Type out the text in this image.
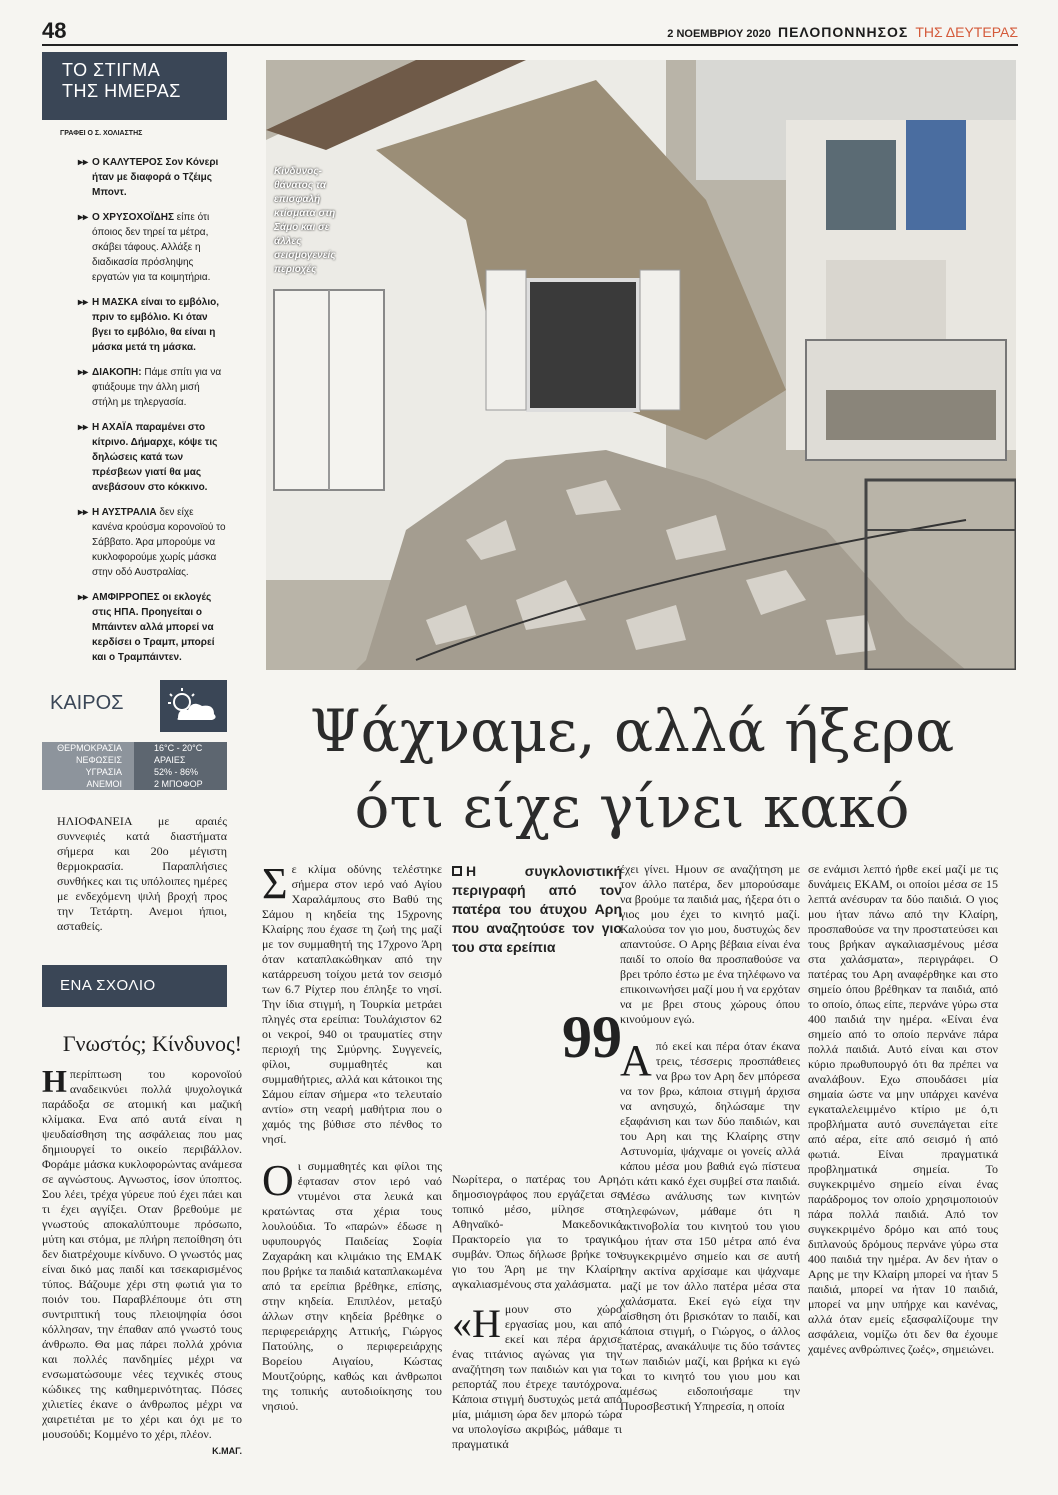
48	2 ΝΟΕΜΒΡΙΟΥ 2020 ΠΕΛΟΠΟΝΝΗΣΟΣ ΤΗΣ ΔΕΥΤΕΡΑΣ
ΤΟ ΣΤΙΓΜΑ
ΤΗΣ ΗΜΕΡΑΣ
ΓΡΑΦΕΙ Ο Σ. ΧΟΛΙΑΣΤΗΣ
▸▸ Ο ΚΑΛΥΤΕΡΟΣ Σον Κόνερι ήταν με διαφορά ο Τζέιμς Μποντ.
▸▸ Ο ΧΡΥΣΟΧΟΪΔΗΣ είπε ότι όποιος δεν τηρεί τα μέτρα, σκάβει τάφους. Αλλάξε η διαδικασία πρόσληψης εργατών για τα κοιμητήρια.
▸▸ Η ΜΑΣΚΑ είναι το εμβόλιο, πριν το εμβόλιο. Κι όταν βγει το εμβόλιο, θα είναι η μάσκα μετά τη μάσκα.
▸▸ ΔΙΑΚΟΠΗ: Πάμε σπίτι για να φτιάξουμε την άλλη μισή στήλη με τηλεργασία.
▸▸ Η ΑΧΑΪΑ παραμένει στο κίτρινο. Δήμαρχε, κόψε τις δηλώσεις κατά των πρέσβεων γιατί θα μας ανεβάσουν στο κόκκινο.
▸▸ Η ΑΥΣΤΡΑΛΙΑ δεν είχε κανένα κρούσμα κορονοϊού το Σάββατο. Άρα μπορούμε να κυκλοφορούμε χωρίς μάσκα στην οδό Αυστραλίας.
▸▸ ΑΜΦΙΡΡΟΠΕΣ οι εκλογές στις ΗΠΑ. Προηγείται ο Μπάιντεν αλλά μπορεί να κερδίσει ο Τραμπ, μπορεί και ο Τραμπάιντεν.
ΚΑΙΡΟΣ
ΘΕΡΜΟΚΡΑΣΙΑ	16°C - 20°C
ΝΕΦΩΣΕΙΣ	ΑΡΑΙΕΣ
ΥΓΡΑΣΙΑ	52% - 86%
ΑΝΕΜΟΙ	2 ΜΠΟΦΟΡ
ΗΛΙΟΦΑΝΕΙΑ με αραιές συννεφιές κατά διαστήματα σήμερα και 20ο μέγιστη θερμοκρασία. Παραπλήσιες συνθήκες και τις υπόλοιπες ημέρες με ενδεχόμενη ψιλή βροχή προς την Τετάρτη. Ανεμοι ήπιοι, ασταθείς.
ΕΝΑ ΣΧΟΛΙΟ
Γνωστός; Κίνδυνος!
Ηπερίπτωση του κορονοϊού αναδεικνύει πολλά ψυχολογικά παράδοξα σε ατομική και μαζική κλίμακα. Ενα από αυτά είναι η ψευδαίσθηση της ασφάλειας που μας δημιουργεί το οικείο περιβάλλον. Φοράμε μάσκα κυκλοφορώντας ανάμεσα σε αγνώστους. Αγνωστος, ίσον ύποπτος. Σου λέει, τρέχα γύρευε πού έχει πάει και τι έχει αγγίξει. Οταν βρεθούμε με γνωστούς αποκαλύπτουμε πρόσωπο, μύτη και στόμα, με πλήρη πεποίθηση ότι δεν διατρέχουμε κίνδυνο. Ο γνωστός μας είναι δικό μας παιδί και τσεκαρισμένος τύπος. Βάζουμε χέρι στη φωτιά για το ποιόν του. Παραβλέπουμε ότι στη συντριπτική τους πλειοψηφία όσοι κόλλησαν, την έπαθαν από γνωστό τους άνθρωπο. Θα μας πάρει πολλά χρόνια και πολλές πανδημίες μέχρι να ενσωματώσουμε νέες τεχνικές στους κώδικες της καθημερινότητας. Πόσες χιλιετίες έκανε ο άνθρωπος μέχρι να χαιρετιέται με το χέρι και όχι με το μουσούδι; Κομμένο το χέρι, πλέον.
Κ.ΜΑΓ.
Κίνδυνος-θάνατος τα επισφαλή κτίσματα στη Σάμο και σε άλλες σεισμογενείς περιοχές
Ψάχναμε, αλλά ήξερα
ότι είχε γίνει κακό
Σ ε κλίμα οδύνης τελέστηκε σήμερα στον ιερό ναό Αγίου Χαραλάμπους στο Βαθύ της Σάμου η κηδεία της 15χρονης Κλαίρης που έχασε τη ζωή της μαζί με τον συμμαθητή της 17χρονο Άρη όταν καταπλακώθηκαν από την κατάρρευση τοίχου μετά τον σεισμό των 6.7 Ρίχτερ που έπληξε το νησί. Την ίδια στιγμή, η Τουρκία μετράει πληγές στα ερείπια: Τουλάχιστον 62 οι νεκροί, 940 οι τραυματίες στην περιοχή της Σμύρνης. Συγγενείς, φίλοι, συμμαθητές και συμμαθήτριες, αλλά και κάτοικοι της Σάμου είπαν σήμερα «το τελευταίο αντίο» στη νεαρή μαθήτρια που ο χαμός της βύθισε στο πένθος το νησί.
Ο ι συμμαθητές και φίλοι της έφτασαν στον ιερό ναό ντυμένοι στα λευκά και κρατώντας στα χέρια τους λουλούδια. Το «παρών» έδωσε η υφυπουργός Παιδείας Σοφία Ζαχαράκη και κλιμάκιο της ΕΜΑΚ που βρήκε τα παιδιά καταπλακωμένα από τα ερείπια βρέθηκε, επίσης, στην κηδεία. Επιπλέον, μεταξύ άλλων στην κηδεία βρέθηκε ο περιφερειάρχης Αττικής, Γιώργος Πατούλης, ο περιφερειάρχης Βορείου Αιγαίου, Κώστας Μουτζούρης, καθώς και άνθρωποι της τοπικής αυτοδιοίκησης του νησιού.
Η συγκλονιστική περιγραφή από τον πατέρα του άτυχου Αρη που αναζητούσε τον γιο του στα ερείπια
99
Νωρίτερα, ο πατέρας του Αρη, δημοσιογράφος που εργάζεται σε τοπικό μέσο, μίλησε στο Αθηναϊκό- Μακεδονικό Πρακτορείο για το τραγικό συμβάν. Όπως δήλωσε βρήκε τον γιο του Άρη με την Κλαίρη αγκαλιασμένους στα χαλάσματα.
«Η μουν στο χώρο εργασίας μου, και από εκεί και πέρα άρχισε ένας τιτάνιος αγώνας για την αναζήτηση των παιδιών και για το ρεπορτάζ που έτρεχε ταυτόχρονα. Κάποια στιγμή δυστυχώς μετά από μία, μιάμιση ώρα δεν μπορώ τώρα να υπολογίσω ακριβώς, μάθαμε τι πραγματικά
έχει γίνει. Ημουν σε αναζήτηση με τον άλλο πατέρα, δεν μπορούσαμε να βρούμε τα παιδιά μας, ήξερα ότι ο γιος μου έχει το κινητό μαζί. Καλούσα τον γιο μου, δυστυχώς δεν απαντούσε. Ο Αρης βέβαια είναι ένα παιδί το οποίο θα προσπαθούσε να βρει τρόπο έστω με ένα τηλέφωνο να επικοινωνήσει μαζί μου ή να ερχόταν να με βρει στους χώρους όπου κινούμουν εγώ.
Α πό εκεί και πέρα όταν έκανα τρεις, τέσσερις προσπάθειες να βρω τον Αρη δεν μπόρεσα να τον βρω, κάποια στιγμή άρχισα να ανησυχώ, δηλώσαμε την εξαφάνιση και των δύο παιδιών, και του Αρη και της Κλαίρης στην Αστυνομία, ψάχναμε οι γονείς αλλά κάπου μέσα μου βαθιά εγώ πίστευα ότι κάτι κακό έχει συμβεί στα παιδιά. Μέσω ανάλυσης των κινητών τηλεφώνων, μάθαμε ότι η ακτινοβολία του κινητού του γιου μου ήταν στα 150 μέτρα από ένα συγκεκριμένο σημείο και σε αυτή την ακτίνα αρχίσαμε και ψάχναμε μαζί με τον άλλο πατέρα μέσα στα χαλάσματα. Εκεί εγώ είχα την αίσθηση ότι βρισκόταν το παιδί, και κάποια στιγμή, ο Γιώργος, ο άλλος πατέρας, ανακάλυψε τις δύο τσάντες των παιδιών μαζί, και βρήκα κι εγώ και το κινητό του γιου μου και αμέσως ειδοποιήσαμε την Πυροσβεστική Υπηρεσία, η οποία
σε ενάμισι λεπτό ήρθε εκεί μαζί με τις δυνάμεις ΕΚΑΜ, οι οποίοι μέσα σε 15 λεπτά ανέσυραν τα δύο παιδιά. Ο γιος μου ήταν πάνω από την Κλαίρη, προσπαθούσε να την προστατεύσει και τους βρήκαν αγκαλιασμένους μέσα στα χαλάσματα», περιγράφει. Ο πατέρας του Αρη αναφέρθηκε και στο σημείο όπου βρέθηκαν τα παιδιά, από το οποίο, όπως είπε, περνάνε γύρω στα 400 παιδιά την ημέρα. «Είναι ένα σημείο από το οποίο περνάνε πάρα πολλά παιδιά. Αυτό είναι και στον κύριο πρωθυπουργό ότι θα πρέπει να αναλάβουν. Εχω σπουδάσει μία σημαία ώστε να μην υπάρχει κανένα εγκαταλελειμμένο κτίριο με ό,τι προβλήματα αυτό συνεπάγεται είτε από αέρα, είτε από σεισμό ή από φωτιά. Είναι πραγματικά προβληματικά σημεία. Το συγκεκριμένο σημείο είναι ένας παράδρομος τον οποίο χρησιμοποιούν πάρα πολλά παιδιά. Από τον συγκεκριμένο δρόμο και από τους διπλανούς δρόμους περνάνε γύρω στα 400 παιδιά την ημέρα. Αν δεν ήταν ο Αρης με την Κλαίρη μπορεί να ήταν 5 παιδιά, μπορεί να ήταν 10 παιδιά, μπορεί να μην υπήρχε και κανένας, αλλά όταν εμείς εξασφαλίζουμε την ασφάλεια, νομίζω ότι δεν θα έχουμε χαμένες ανθρώπινες ζωές», σημειώνει.
